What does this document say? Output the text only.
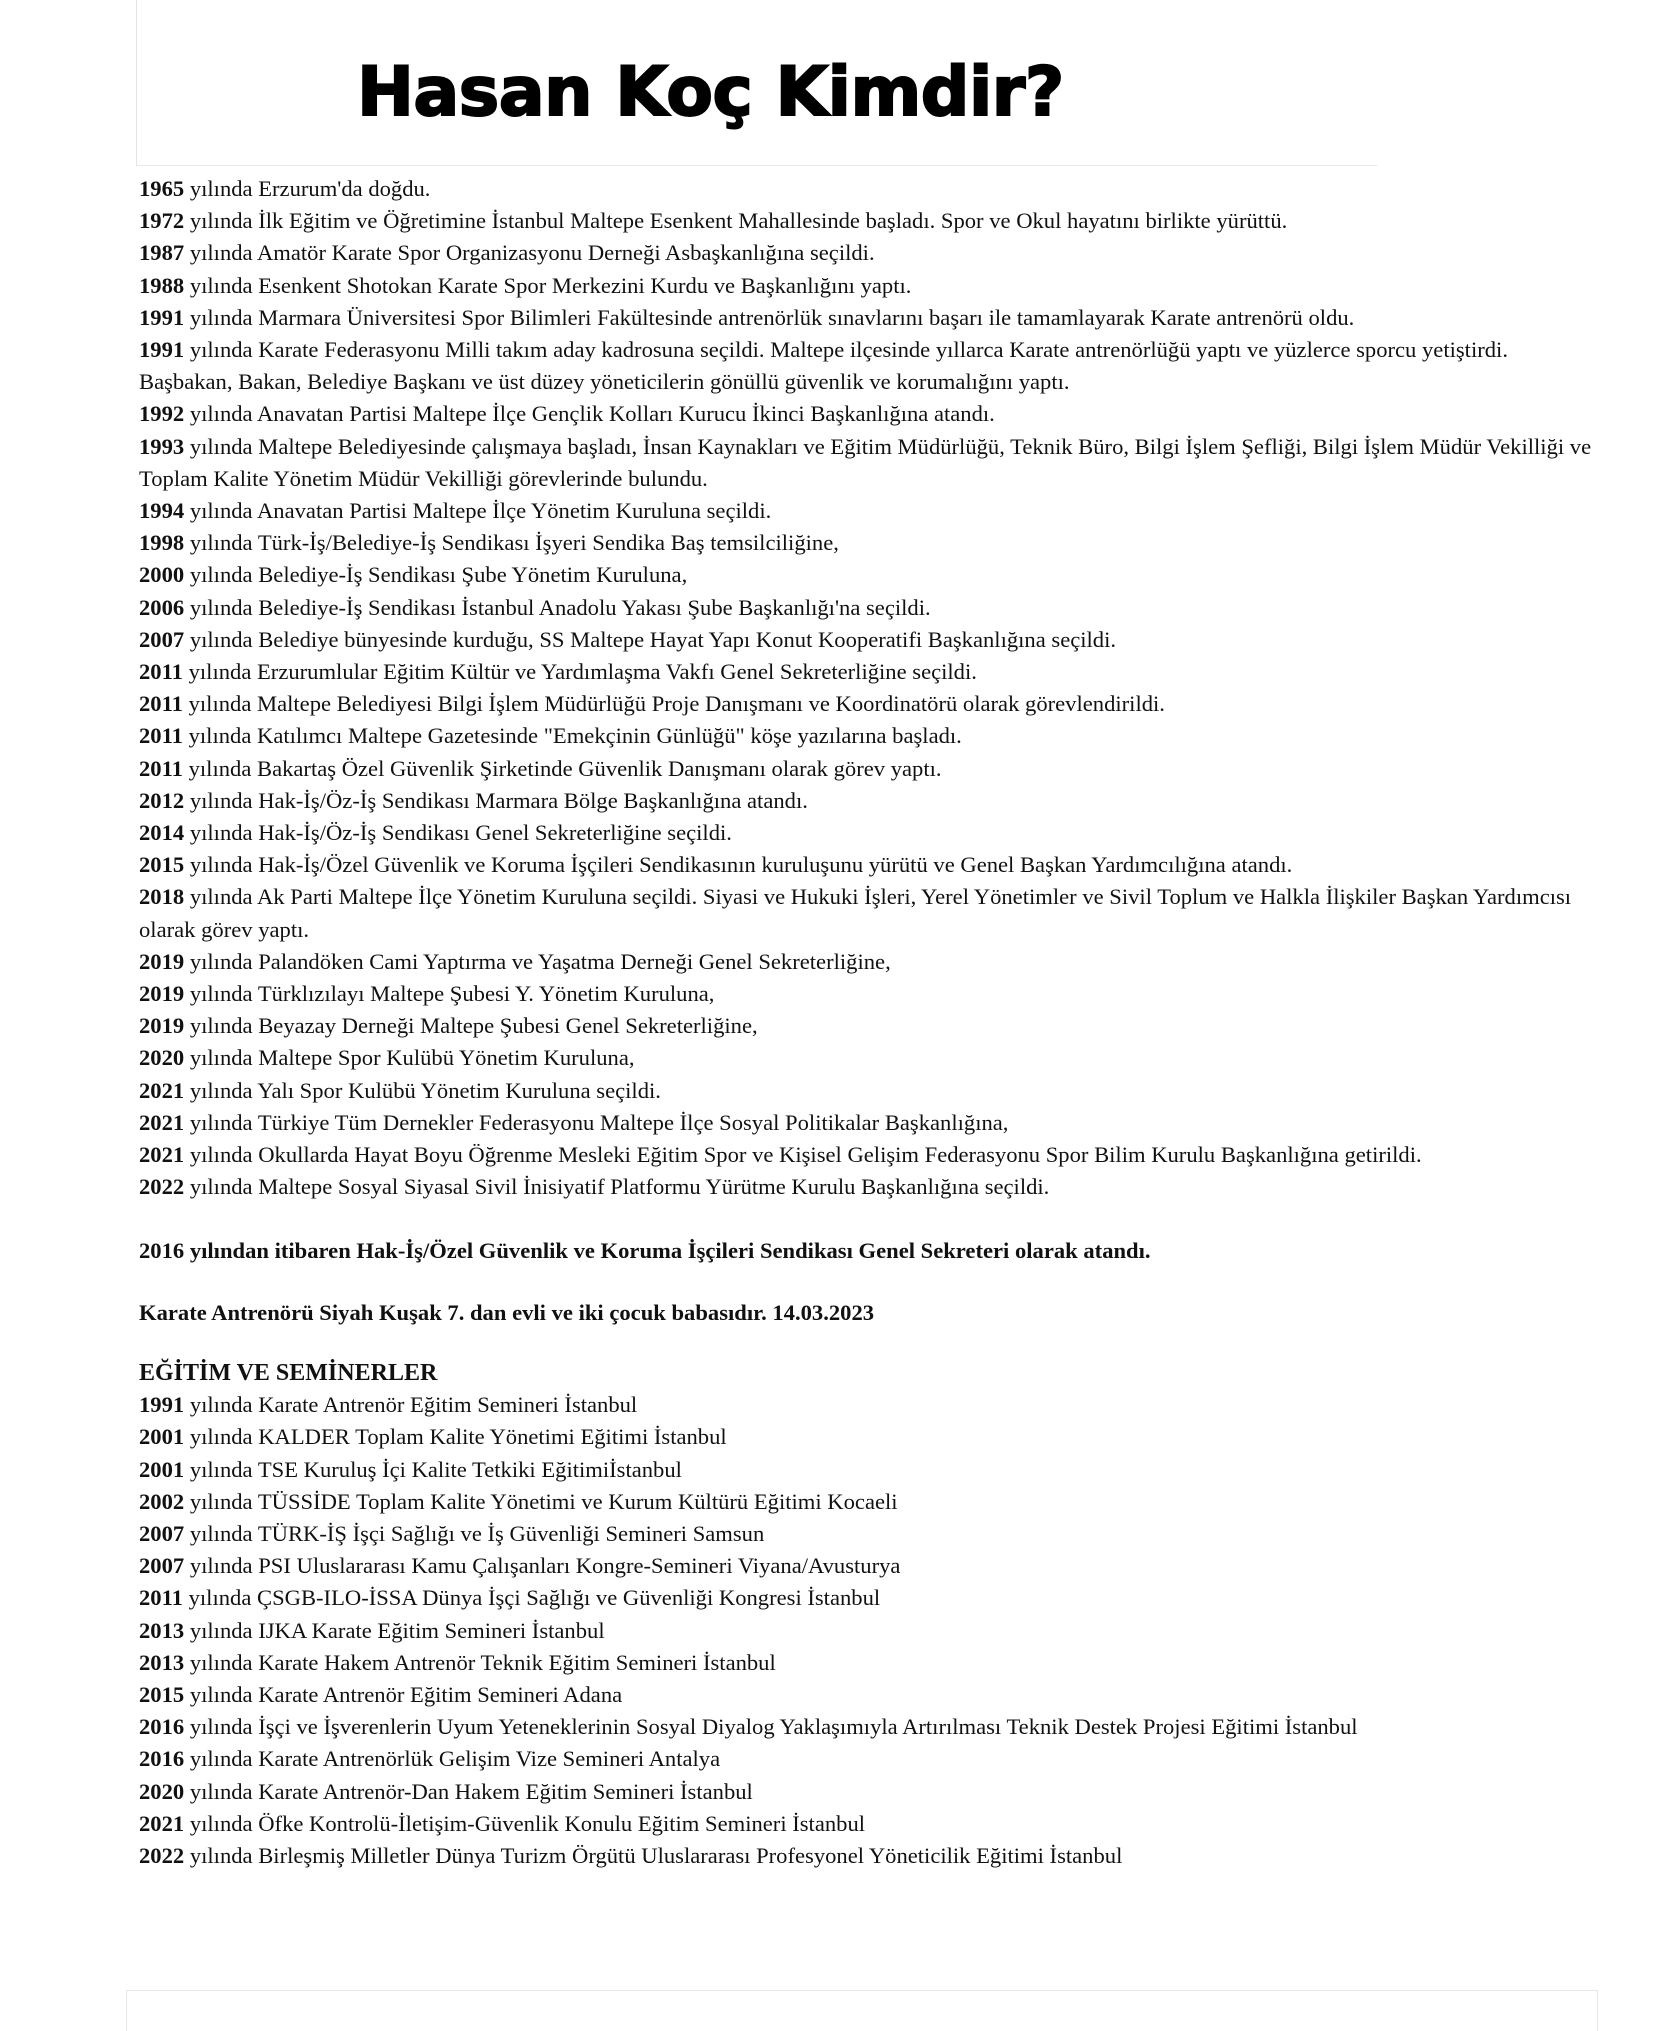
Hasan Koç Kimdir?

1965 yılında Erzurum'da doğdu.

1972 yılında İlk Eğitim ve Öğretimine İstanbul Maltepe Esenkent Mahallesinde başladı. Spor ve Okul hayatını birlikte yürüttü.

1987 yılında Amatör Karate Spor Organizasyonu Derneği Asbaşkanlığına seçildi.

1988 yılında Esenkent Shotokan Karate Spor Merkezini Kurdu ve Başkanlığını yaptı.

1991 yılında Marmara Üniversitesi Spor Bilimleri Fakültesinde antrenörlük sınavlarını başarı ile tamamlayarak Karate antrenörü oldu.

1991 yılında Karate Federasyonu Milli takım aday kadrosuna seçildi. Maltepe ilçesinde yıllarca Karate antrenörlüğü yaptı ve yüzlerce sporcu yetiştirdi. Başbakan, Bakan, Belediye Başkanı ve üst düzey yöneticilerin gönüllü güvenlik ve korumalığını yaptı.

1992 yılında Anavatan Partisi Maltepe İlçe Gençlik Kolları Kurucu İkinci Başkanlığına atandı.

1993 yılında Maltepe Belediyesinde çalışmaya başladı, İnsan Kaynakları ve Eğitim Müdürlüğü, Teknik Büro, Bilgi İşlem Şefliği, Bilgi İşlem Müdür Vekilliği ve Toplam Kalite Yönetim Müdür Vekilliği görevlerinde bulundu.

1994 yılında Anavatan Partisi Maltepe İlçe Yönetim Kuruluna seçildi.

1998 yılında Türk-İş/Belediye-İş Sendikası İşyeri Sendika Baş temsilciliğine,

2000 yılında Belediye-İş Sendikası Şube Yönetim Kuruluna,

2006 yılında Belediye-İş Sendikası İstanbul Anadolu Yakası Şube Başkanlığı'na seçildi.

2007 yılında Belediye bünyesinde kurduğu, SS Maltepe Hayat Yapı Konut Kooperatifi Başkanlığına seçildi.

2011 yılında Erzurumlular Eğitim Kültür ve Yardımlaşma Vakfı Genel Sekreterliğine seçildi.

2011 yılında Maltepe Belediyesi Bilgi İşlem Müdürlüğü Proje Danışmanı ve Koordinatörü olarak görevlendirildi.

2011 yılında Katılımcı Maltepe Gazetesinde "Emekçinin Günlüğü" köşe yazılarına başladı.

2011 yılında Bakartaş Özel Güvenlik Şirketinde Güvenlik Danışmanı olarak görev yaptı.

2012 yılında Hak-İş/Öz-İş Sendikası Marmara Bölge Başkanlığına atandı.

2014 yılında Hak-İş/Öz-İş Sendikası Genel Sekreterliğine seçildi.

2015 yılında Hak-İş/Özel Güvenlik ve Koruma İşçileri Sendikasının kuruluşunu yürütü ve Genel Başkan Yardımcılığına atandı.

2018 yılında Ak Parti Maltepe İlçe Yönetim Kuruluna seçildi. Siyasi ve Hukuki İşleri, Yerel Yönetimler ve Sivil Toplum ve Halkla İlişkiler Başkan Yardımcısı olarak görev yaptı.

2019 yılında Palandöken Cami Yaptırma ve Yaşatma Derneği Genel Sekreterliğine,

2019 yılında Türklızılayı Maltepe Şubesi Y. Yönetim Kuruluna,

2019 yılında Beyazay Derneği Maltepe Şubesi Genel Sekreterliğine,

2020 yılında Maltepe Spor Kulübü Yönetim Kuruluna,

2021 yılında Yalı Spor Kulübü Yönetim Kuruluna seçildi.

2021 yılında Türkiye Tüm Dernekler Federasyonu Maltepe İlçe Sosyal Politikalar Başkanlığına,

2021 yılında Okullarda Hayat Boyu Öğrenme Mesleki Eğitim Spor ve Kişisel Gelişim Federasyonu Spor Bilim Kurulu Başkanlığına getirildi.

2022 yılında Maltepe Sosyal Siyasal Sivil İnisiyatif Platformu Yürütme Kurulu Başkanlığına seçildi.

2016 yılından itibaren Hak-İş/Özel Güvenlik ve Koruma İşçileri Sendikası Genel Sekreteri olarak atandı.

Karate Antrenörü Siyah Kuşak 7. dan evli ve iki çocuk babasıdır. 14.03.2023

EĞİTİM VE SEMİNERLER

1991 yılında Karate Antrenör Eğitim Semineri İstanbul

2001 yılında KALDER Toplam Kalite Yönetimi Eğitimi İstanbul

2001 yılında TSE Kuruluş İçi Kalite Tetkiki Eğitimiİstanbul

2002 yılında TÜSSİDE Toplam Kalite Yönetimi ve Kurum Kültürü Eğitimi Kocaeli

2007 yılında TÜRK-İŞ İşçi Sağlığı ve İş Güvenliği Semineri Samsun

2007 yılında PSI Uluslararası Kamu Çalışanları Kongre-Semineri Viyana/Avusturya

2011 yılında ÇSGB-ILO-İSSA Dünya İşçi Sağlığı ve Güvenliği Kongresi İstanbul

2013 yılında IJKA Karate Eğitim Semineri İstanbul

2013 yılında Karate Hakem Antrenör Teknik Eğitim Semineri İstanbul

2015 yılında Karate Antrenör Eğitim Semineri Adana

2016 yılında İşçi ve İşverenlerin Uyum Yeteneklerinin Sosyal Diyalog Yaklaşımıyla Artırılması Teknik Destek Projesi Eğitimi İstanbul

2016 yılında Karate Antrenörlük Gelişim Vize Semineri Antalya

2020 yılında Karate Antrenör-Dan Hakem Eğitim Semineri İstanbul

2021 yılında Öfke Kontrolü-İletişim-Güvenlik Konulu Eğitim Semineri İstanbul

2022 yılında Birleşmiş Milletler Dünya Turizm Örgütü Uluslararası Profesyonel Yöneticilik Eğitimi İstanbul
